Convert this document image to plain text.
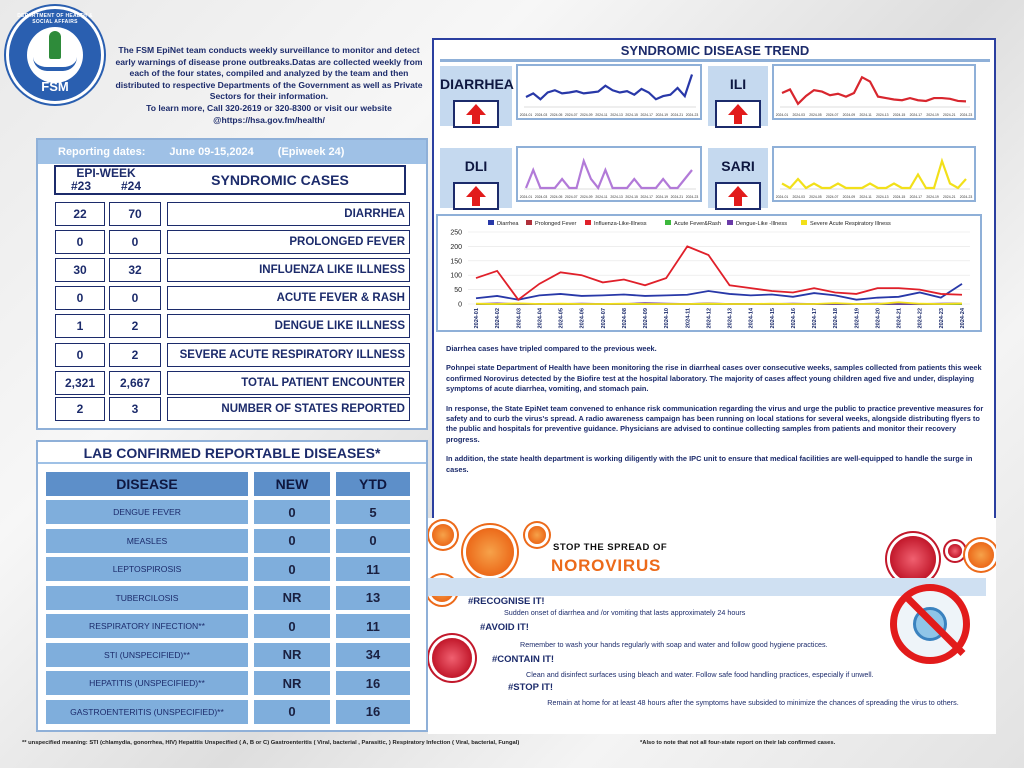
DEPARTMENT OF HEALTH & SOCIAL AFFAIRS
FSM
The FSM EpiNet team conducts weekly surveillance to monitor and detect
early warnings of disease prone outbreaks.Datas are collected weekly from
each of the four states, compiled and analyzed by the team and then
distributed to respective Departments of the Government as well as Private
Sectors for their information.
To learn more, Call 320-2619 or 320-8300 or visit our website
@https://hsa.gov.fm/health/
Reporting dates: June 09-15,2024 (Epiweek 24)
EPI-WEEK
#23 #24	SYNDROMIC CASES
22	70	DIARRHEA
0	0	PROLONGED FEVER
30	32	INFLUENZA LIKE ILLNESS
0	0	ACUTE FEVER & RASH
1	2	DENGUE LIKE ILLNESS
0	2	SEVERE ACUTE RESPIRATORY ILLNESS
2,321	2,667	TOTAL PATIENT ENCOUNTER
2	3	NUMBER OF STATES REPORTED
LAB CONFIRMED REPORTABLE DISEASES*
DISEASE	NEW	YTD
DENGUE FEVER	0	5
MEASLES	0	0
LEPTOSPIROSIS	0	11
TUBERCILOSIS	NR	13
RESPIRATORY INFECTION**	0	11
STI (UNSPECIFIED)**	NR	34
HEPATITIS (UNSPECIFIED)**	NR	16
GASTROENTERITIS (UNSPECIFIED)**	0	16
SYNDROMIC DISEASE TREND
DIARRHEA
2024-01 2024-03 2024-05 2024-07 2024-09 2024-11 2024-13 2024-15 2024-17 2024-19 2024-21 2024-23
ILI
2024-01 2024-03 2024-05 2024-07 2024-09 2024-11 2024-13 2024-15 2024-17 2024-19 2024-21 2024-23
DLI
2024-01 2024-03 2024-05 2024-07 2024-09 2024-11 2024-13 2024-15 2024-17 2024-19 2024-21 2024-23
SARI
2024-01 2024-03 2024-05 2024-07 2024-09 2024-11 2024-13 2024-15 2024-17 2024-19 2024-21 2024-23
Diarrhea	Prolonged Fever	Influenza-Like-Illness	Acute Fever&Rash	Dengue-Like -Illness	Severe Acute Respiratory Illness
0
50
100
150
200
250
2024-01	2024-02	2024-03	2024-04	2024-05	2024-06	2024-07	2024-08	2024-09	2024-10	2024-11	2024-12	2024-13	2024-14	2024-15	2024-16	2024-17	2024-18	2024-19	2024-20	2024-21	2024-22	2024-23	2024-24

Diarrhea cases have tripled compared to the previous week.

Pohnpei state Department of Health have been monitoring the rise in diarrheal cases over consecutive weeks, samples collected from patients this week confirmed Norovirus detected by the Biofire test at the hospital laboratory. The majority of cases affect young children aged five and under, displaying symptoms of acute diarrhea, vomiting, and stomach pain.

In response, the State EpiNet team convened to enhance risk communication regarding the virus and urge the public to practice preventive measures for safety and to curb the virus's spread. A radio awareness campaign has been running on local stations for several weeks, alongside distributing flyers to the public and hospitals for preventive guidance. Physicians are advised to continue collecting samples from patients and monitor their recovery progress.

In addition, the state health department is working diligently with the IPC unit to ensure that medical facilities are well-equipped to handle the surge in cases.

STOP THE SPREAD OF
NOROVIRUS
#RECOGNISE IT!
Sudden onset of diarrhea and /or vomiting that lasts approximately 24 hours
#AVOID IT!
Remember to wash your hands regularly with soap and water and follow good hygiene practices.
#CONTAIN IT!
Clean and disinfect surfaces using bleach and water. Follow safe food handling practices, especially if unwell.
#STOP IT!
Remain at home for at least 48 hours after the symptoms have subsided to minimize the chances of spreading the virus to others.
** unspecified meaning: STI (chlamydia, gonorrhea, HIV) Hepatitis Unspecified ( A, B or C) Gastroenteritis ( Viral, bacterial , Parasitic, ) Respiratory Infection ( Viral, bacterial, Fungal)	*Also to note that not all four-state report on their lab confirmed cases.
